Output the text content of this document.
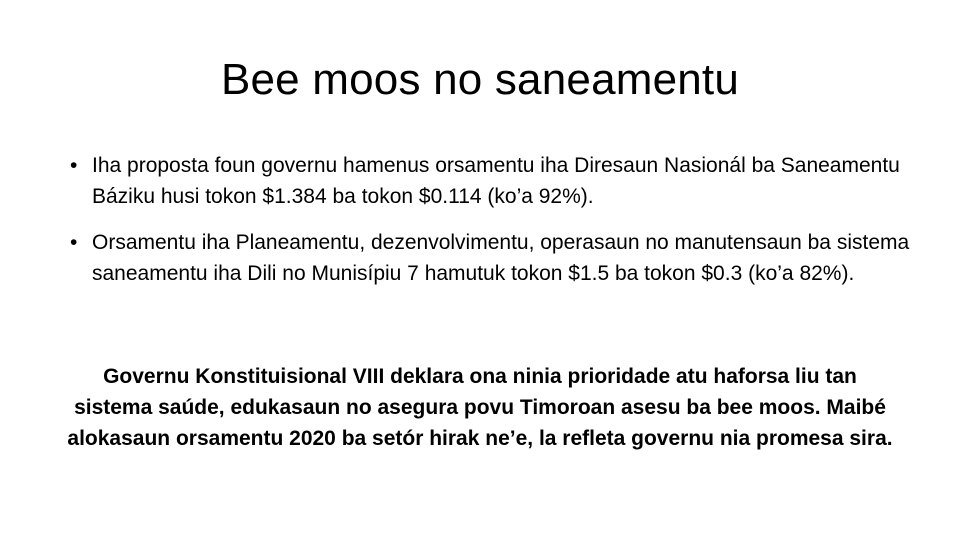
Bee moos no saneamentu
• Iha proposta foun governu hamenus orsamentu iha Diresaun Nasionál ba Saneamentu Báziku husi tokon $1.384 ba tokon $0.114 (ko’a 92%).
• Orsamentu iha Planeamentu, dezenvolvimentu, operasaun no manutensaun ba sistema saneamentu iha Dili no Munisípiu 7 hamutuk tokon $1.5 ba tokon $0.3 (ko’a 82%).
Governu Konstituisional VIII deklara ona ninia prioridade atu haforsa liu tan sistema saúde, edukasaun no asegura povu Timoroan asesu ba bee moos. Maibé alokasaun orsamentu 2020 ba setór hirak ne’e, la refleta governu nia promesa sira.
